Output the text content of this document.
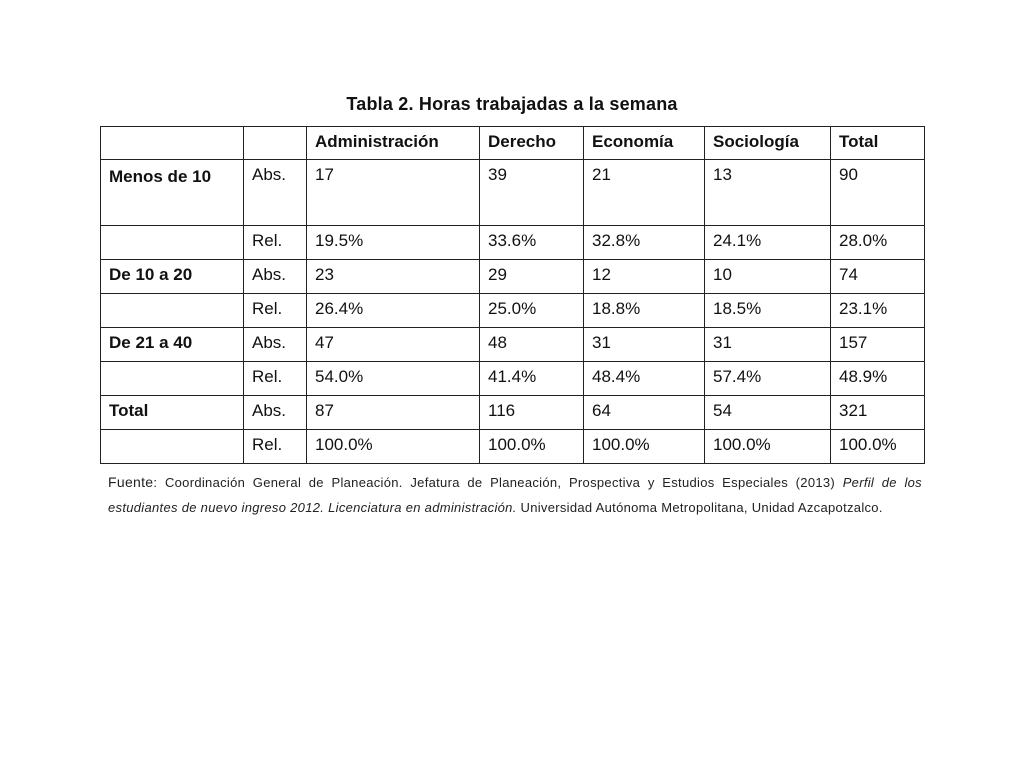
Tabla 2. Horas trabajadas a la semana
		Administración	Derecho	Economía	Sociología	Total
Menos de 10	Abs.	17	39	21	13	90
	Rel.	19.5%	33.6%	32.8%	24.1%	28.0%
De 10 a 20	Abs.	23	29	12	10	74
	Rel.	26.4%	25.0%	18.8%	18.5%	23.1%
De 21 a 40	Abs.	47	48	31	31	157
	Rel.	54.0%	41.4%	48.4%	57.4%	48.9%
Total	Abs.	87	116	64	54	321
	Rel.	100.0%	100.0%	100.0%	100.0%	100.0%

Fuente: Coordinación General de Planeación. Jefatura de Planeación, Prospectiva y Estudios Especiales (2013) Perfil de los estudiantes de nuevo ingreso 2012. Licenciatura en administración. Universidad Autónoma Metropolitana, Unidad Azcapotzalco.
